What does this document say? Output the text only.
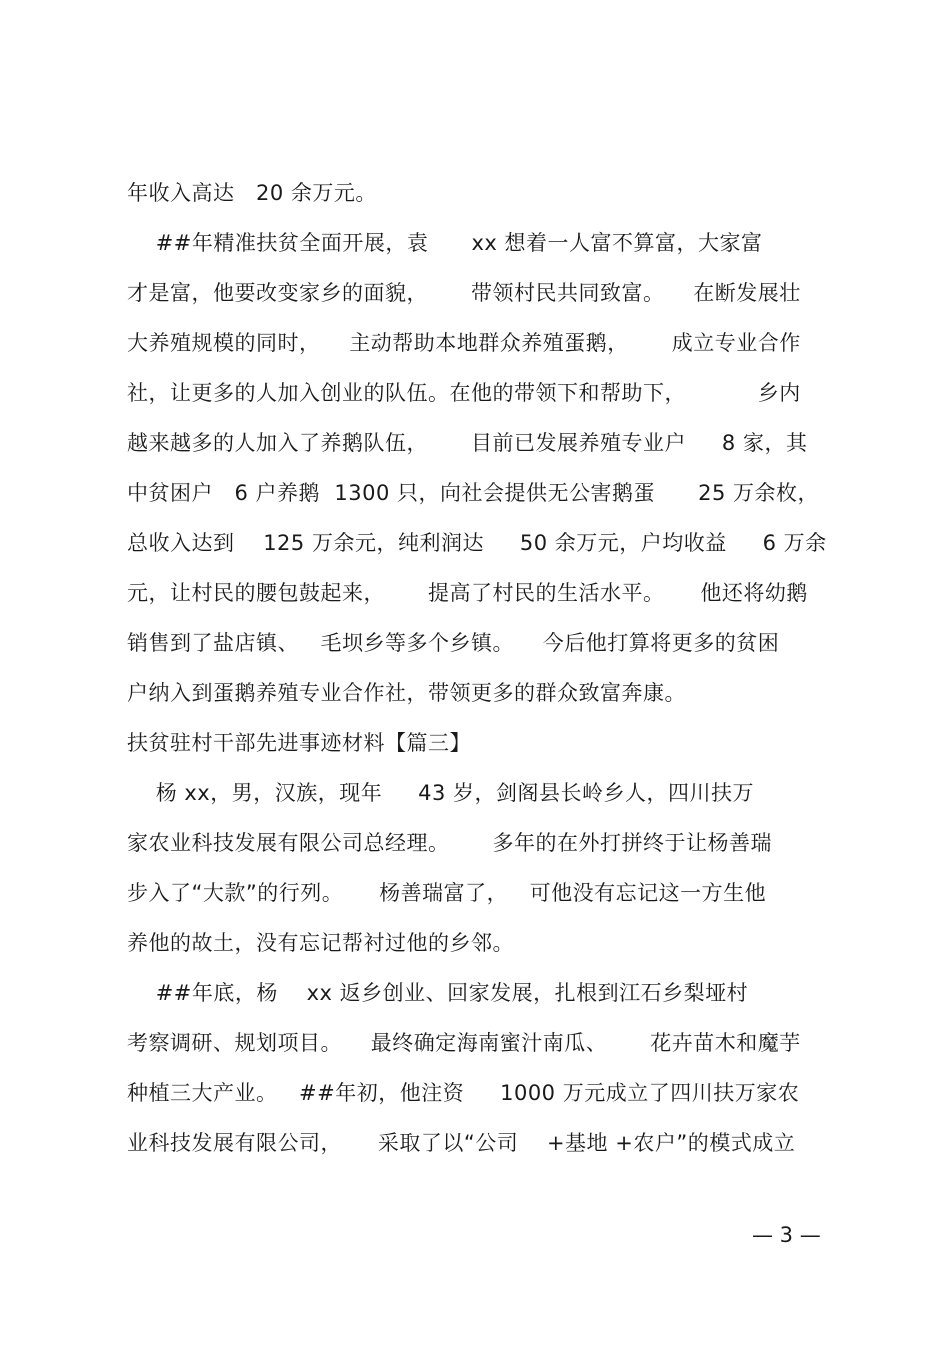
年收入高达   20 余万元。
##年精准扶贫全面开展，袁      xx 想着一人富不算富，大家富
才是富，他要改变家乡的面貌，      带领村民共同致富。    在断发展壮
大养殖规模的同时，    主动帮助本地群众养殖蛋鹅，      成立专业合作
社，让更多的人加入创业的队伍。在他的带领下和帮助下，          乡内
越来越多的人加入了养鹅队伍，      目前已发展养殖专业户     8 家，其
中贫困户   6 户养鹅  1300 只，向社会提供无公害鹅蛋      25 万余枚，
总收入达到    125 万余元，纯利润达     50 余万元，户均收益     6 万余
元，让村民的腰包鼓起来，      提高了村民的生活水平。     他还将幼鹅
销售到了盐店镇、   毛坝乡等多个乡镇。    今后他打算将更多的贫困
户纳入到蛋鹅养殖专业合作社，带领更多的群众致富奔康。
扶贫驻村干部先进事迹材料【篇三】
杨 xx，男，汉族，现年     43 岁，剑阁县长岭乡人，四川扶万
家农业科技发展有限公司总经理。      多年的在外打拼终于让杨善瑞
步入了“大款”的行列。     杨善瑞富了，   可他没有忘记这一方生他
养他的故土，没有忘记帮衬过他的乡邻。
##年底，杨    xx 返乡创业、回家发展，扎根到江石乡梨垭村
考察调研、规划项目。    最终确定海南蜜汁南瓜、      花卉苗木和魔芋
种植三大产业。   ##年初，他注资     1000 万元成立了四川扶万家农
业科技发展有限公司，     采取了以“公司    +基地 +农户”的模式成立
— 3 —
